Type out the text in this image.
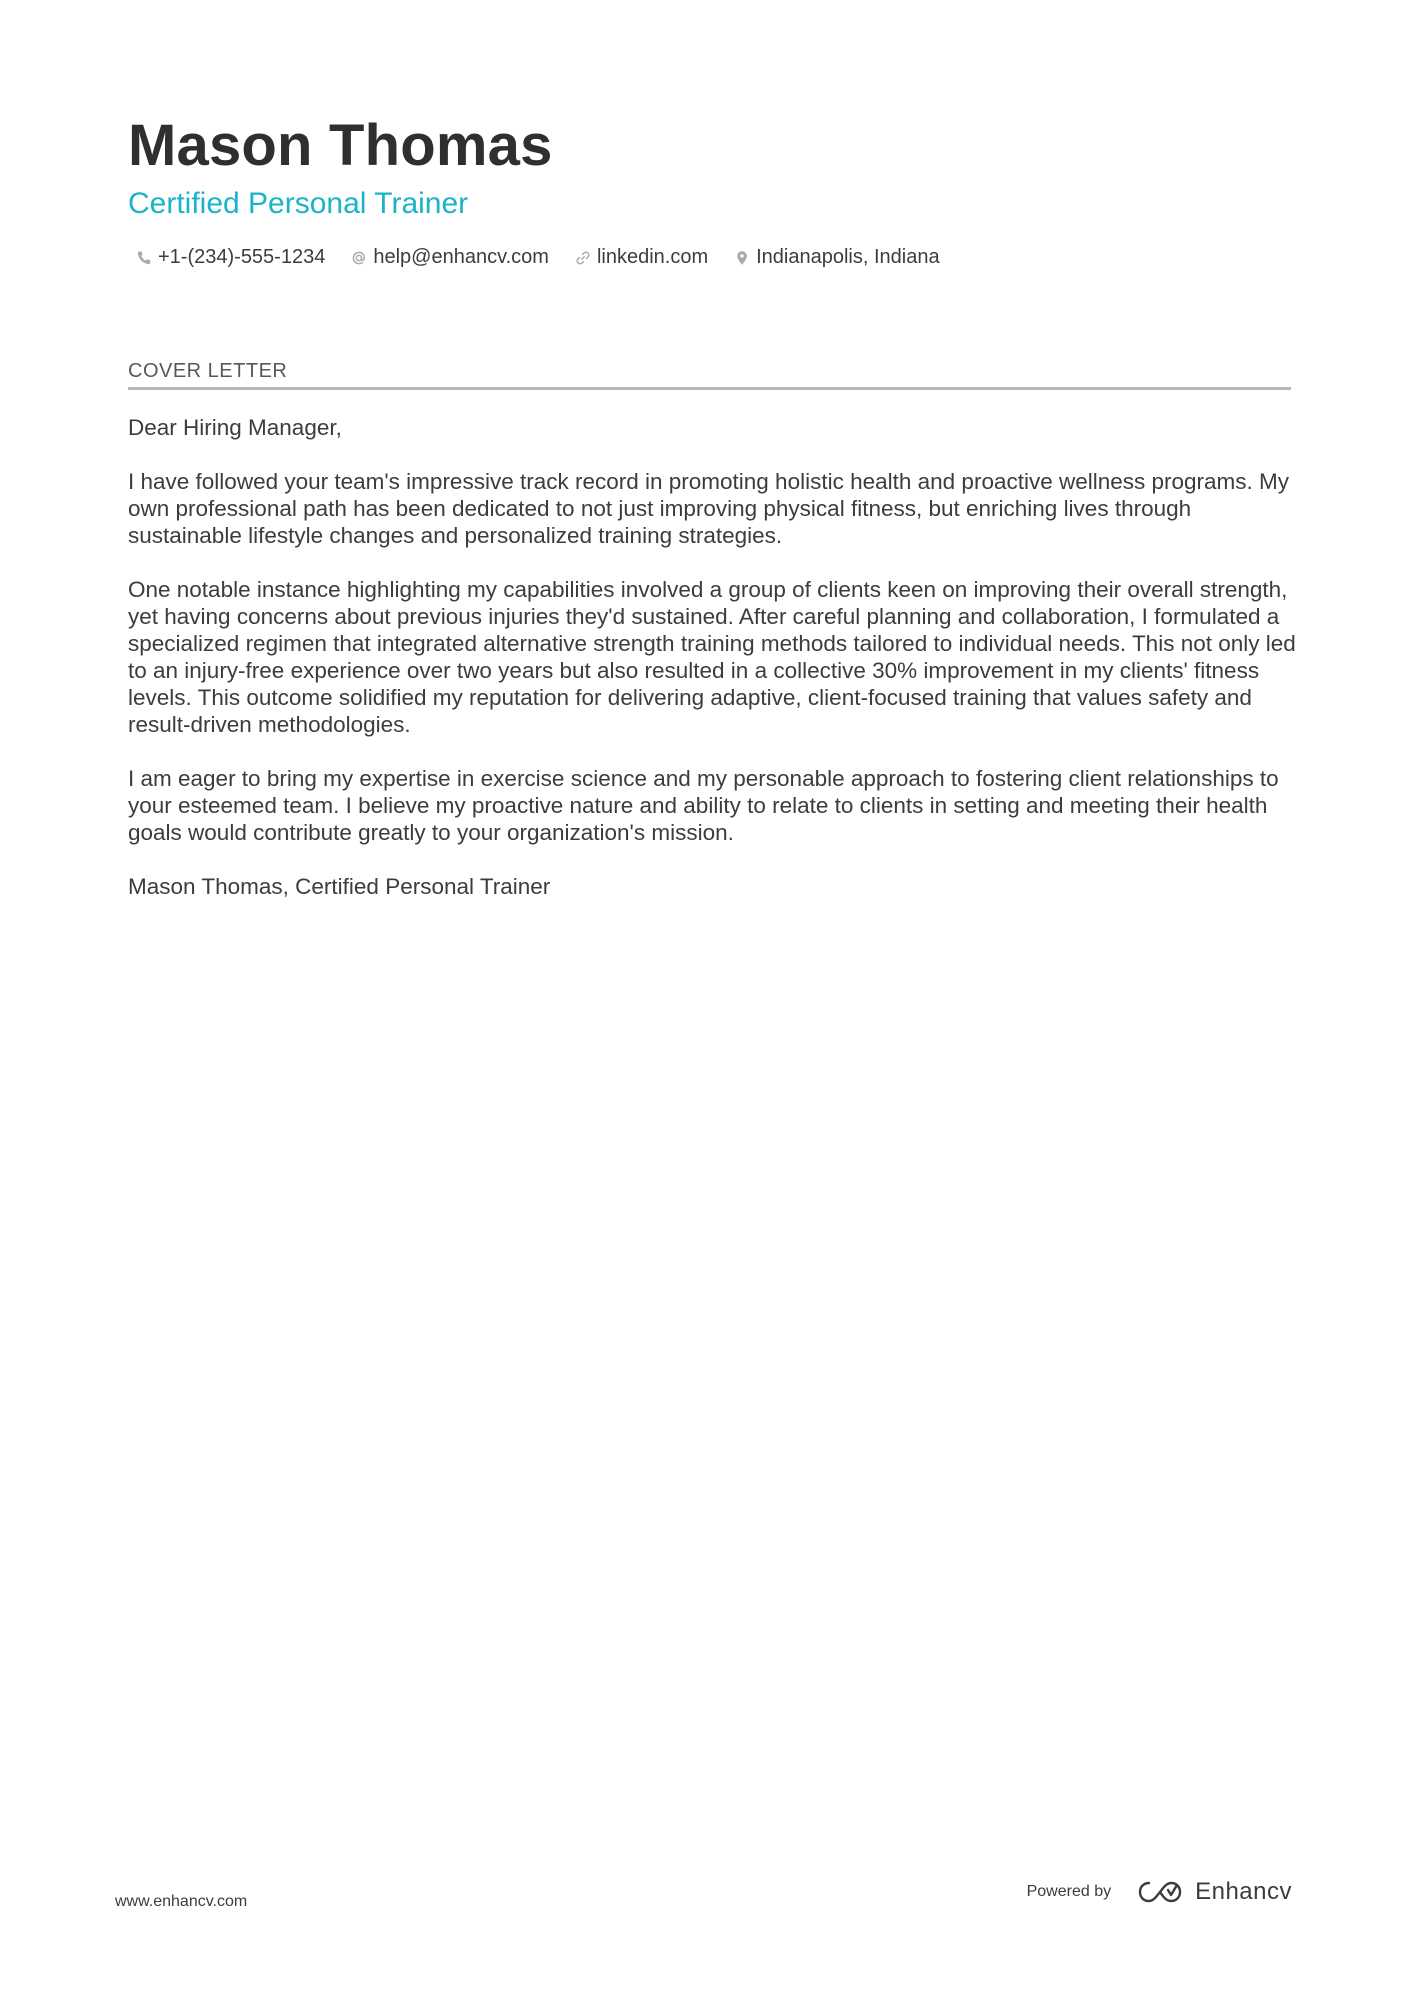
Mason Thomas
Certified Personal Trainer
+1-(234)-555-1234 help@enhancv.com linkedin.com Indianapolis, Indiana
COVER LETTER

Dear Hiring Manager,

I have followed your team's impressive track record in promoting holistic health and proactive wellness programs. My own professional path has been dedicated to not just improving physical fitness, but enriching lives through sustainable lifestyle changes and personalized training strategies.

One notable instance highlighting my capabilities involved a group of clients keen on improving their overall strength, yet having concerns about previous injuries they'd sustained. After careful planning and collaboration, I formulated a specialized regimen that integrated alternative strength training methods tailored to individual needs. This not only led to an injury-free experience over two years but also resulted in a collective 30% improvement in my clients' fitness levels. This outcome solidified my reputation for delivering adaptive, client-focused training that values safety and result-driven methodologies.

I am eager to bring my expertise in exercise science and my personable approach to fostering client relationships to your esteemed team. I believe my proactive nature and ability to relate to clients in setting and meeting their health goals would contribute greatly to your organization's mission.

Mason Thomas, Certified Personal Trainer

www.enhancv.com
Powered by	Enhancv
